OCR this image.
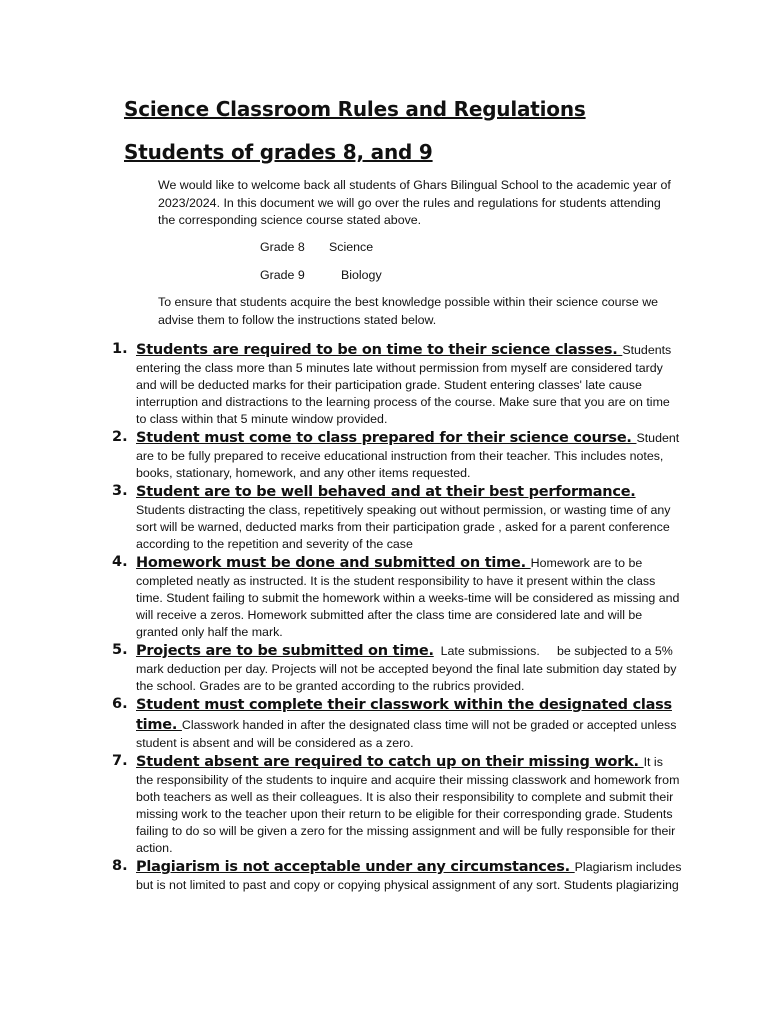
Science Classroom Rules and Regulations
Students of grades 8, and 9
We would like to welcome back all students of Ghars Bilingual School to the academic year of 2023/2024. In this document we will go over the rules and regulations for students attending the corresponding science course stated above.
Grade 8 Science
Grade 9	Biology
To ensure that students acquire the best knowledge possible within their science course we advise them to follow the instructions stated below.
1. Students are required to be on time to their science classes. Students entering the class more than 5 minutes late without permission from myself are considered tardy and will be deducted marks for their participation grade. Student entering classes' late cause interruption and distractions to the learning process of the course. Make sure that you are on time to class within that 5 minute window provided.
2. Student must come to class prepared for their science course. Student are to be fully prepared to receive educational instruction from their teacher. This includes notes, books, stationary, homework, and any other items requested.
3. Student are to be well behaved and at their best performance. Students distracting the class, repetitively speaking out without permission, or wasting time of any sort will be warned, deducted marks from their participation grade , asked for a parent conference according to the repetition and severity of the case
4. Homework must be done and submitted on time. Homework are to be completed neatly as instructed. It is the student responsibility to have it present within the class time. Student failing to submit the homework within a weeks-time will be considered as missing and will receive a zeros. Homework submitted after the class time are considered late and will be granted only half the mark.
5. Projects are to be submitted on time.  Late submissions.     be subjected to a 5% mark deduction per day. Projects will not be accepted beyond the final late submition day stated by the school. Grades are to be granted according to the rubrics provided.
6. Student must complete their classwork within the designated class time. Classwork handed in after the designated class time will not be graded or accepted unless student is absent and will be considered as a zero.
7. Student absent are required to catch up on their missing work. It is the responsibility of the students to inquire and acquire their missing classwork and homework from both teachers as well as their colleagues. It is also their responsibility to complete and submit their missing work to the teacher upon their return to be eligible for their corresponding grade. Students failing to do so will be given a zero for the missing assignment and will be fully responsible for their action.
8. Plagiarism is not acceptable under any circumstances. Plagiarism includes but is not limited to past and copy or copying physical assignment of any sort. Students plagiarizing
